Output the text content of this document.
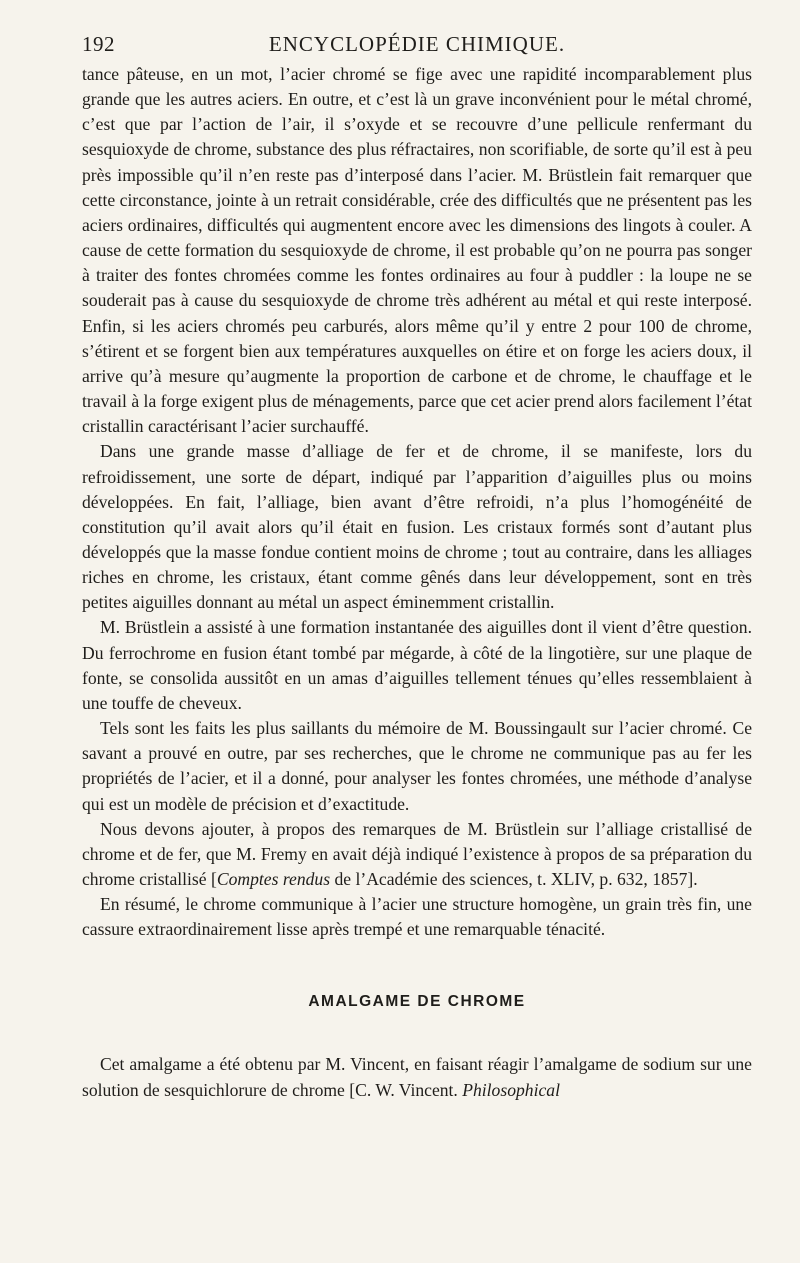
192	ENCYCLOPÉDIE CHIMIQUE.

tance pâteuse, en un mot, l’acier chromé se fige avec une rapidité incomparablement plus grande que les autres aciers. En outre, et c’est là un grave inconvénient pour le métal chromé, c’est que par l’action de l’air, il s’oxyde et se recouvre d’une pellicule renfermant du sesquioxyde de chrome, substance des plus réfractaires, non scorifiable, de sorte qu’il est à peu près impossible qu’il n’en reste pas d’interposé dans l’acier. M. Brüstlein fait remarquer que cette circonstance, jointe à un retrait considérable, crée des difficultés que ne présentent pas les aciers ordinaires, difficultés qui augmentent encore avec les dimensions des lingots à couler. A cause de cette formation du sesquioxyde de chrome, il est probable qu’on ne pourra pas songer à traiter des fontes chromées comme les fontes ordinaires au four à puddler : la loupe ne se souderait pas à cause du sesquioxyde de chrome très adhérent au métal et qui reste interposé. Enfin, si les aciers chromés peu carburés, alors même qu’il y entre 2 pour 100 de chrome, s’étirent et se forgent bien aux températures auxquelles on étire et on forge les aciers doux, il arrive qu’à mesure qu’augmente la proportion de carbone et de chrome, le chauffage et le travail à la forge exigent plus de ménagements, parce que cet acier prend alors facilement l’état cristallin caractérisant l’acier surchauffé.

Dans une grande masse d’alliage de fer et de chrome, il se manifeste, lors du refroidissement, une sorte de départ, indiqué par l’apparition d’aiguilles plus ou moins développées. En fait, l’alliage, bien avant d’être refroidi, n’a plus l’homogénéité de constitution qu’il avait alors qu’il était en fusion. Les cristaux formés sont d’autant plus développés que la masse fondue contient moins de chrome ; tout au contraire, dans les alliages riches en chrome, les cristaux, étant comme gênés dans leur développement, sont en très petites aiguilles donnant au métal un aspect éminemment cristallin.

M. Brüstlein a assisté à une formation instantanée des aiguilles dont il vient d’être question. Du ferrochrome en fusion étant tombé par mégarde, à côté de la lingotière, sur une plaque de fonte, se consolida aussitôt en un amas d’aiguilles tellement ténues qu’elles ressemblaient à une touffe de cheveux.

Tels sont les faits les plus saillants du mémoire de M. Boussingault sur l’acier chromé. Ce savant a prouvé en outre, par ses recherches, que le chrome ne communique pas au fer les propriétés de l’acier, et il a donné, pour analyser les fontes chromées, une méthode d’analyse qui est un modèle de précision et d’exactitude.

Nous devons ajouter, à propos des remarques de M. Brüstlein sur l’alliage cristallisé de chrome et de fer, que M. Fremy en avait déjà indiqué l’existence à propos de sa préparation du chrome cristallisé [Comptes rendus de l’Académie des sciences, t. XLIV, p. 632, 1857].

En résumé, le chrome communique à l’acier une structure homogène, un grain très fin, une cassure extraordinairement lisse après trempé et une remarquable ténacité.

AMALGAME DE CHROME

Cet amalgame a été obtenu par M. Vincent, en faisant réagir l’amalgame de sodium sur une solution de sesquichlorure de chrome [C. W. Vincent. Philosophical
